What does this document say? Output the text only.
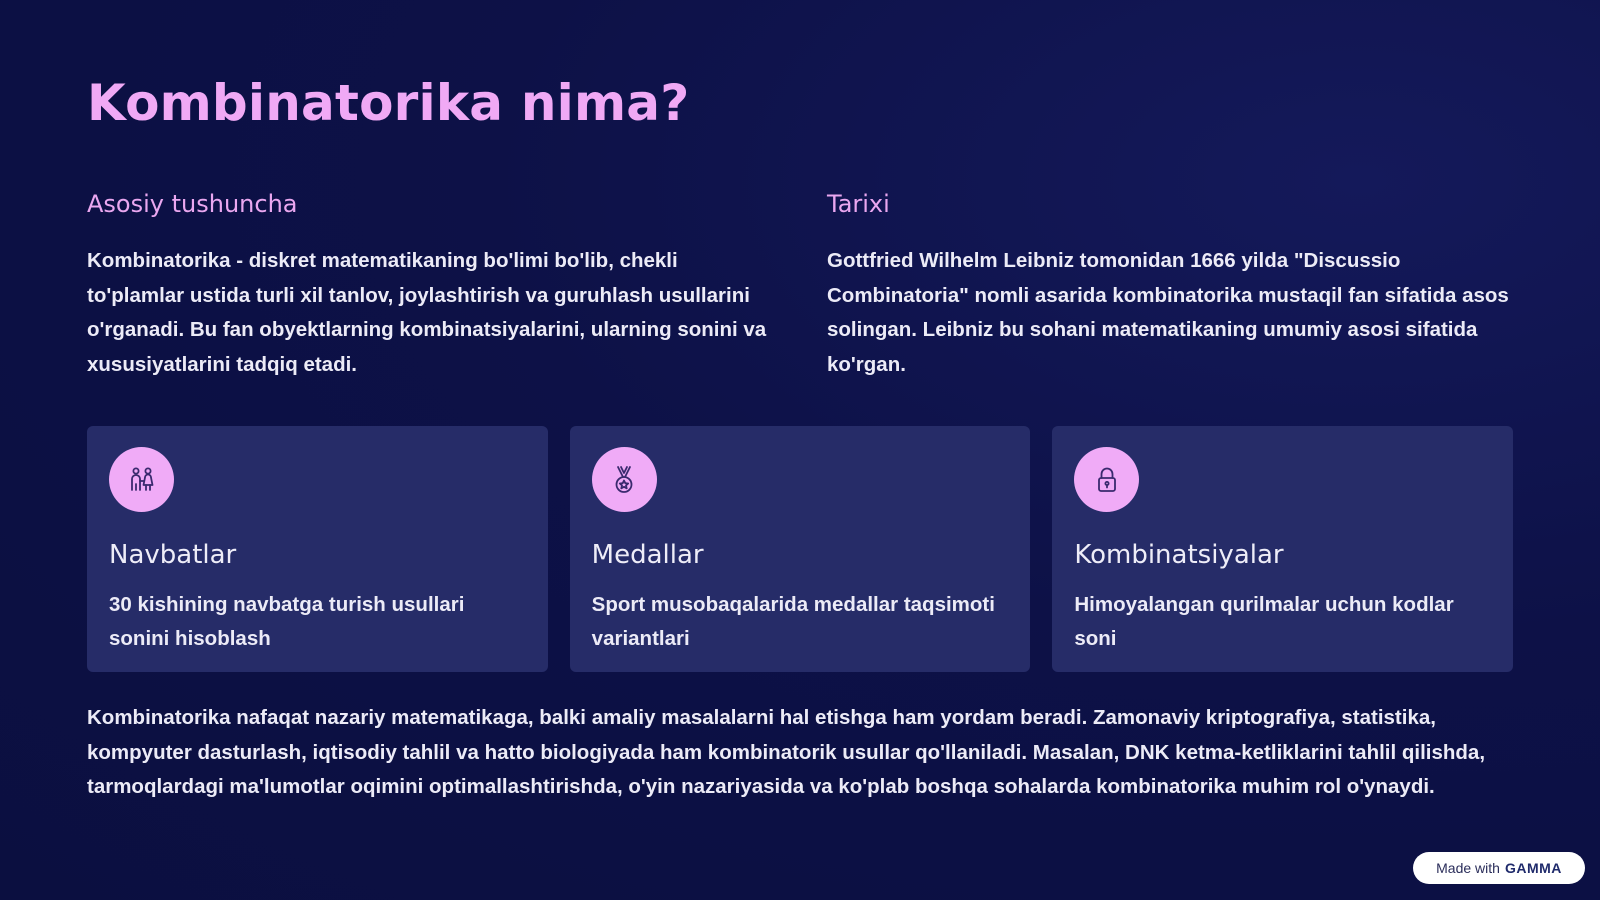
Kombinatorika nima?
Asosiy tushuncha

Kombinatorika - diskret matematikaning bo'limi bo'lib, chekli to'plamlar ustida turli xil tanlov, joylashtirish va guruhlash usullarini o'rganadi. Bu fan obyektlarning kombinatsiyalarini, ularning sonini va xususiyatlarini tadqiq etadi.

Tarixi

Gottfried Wilhelm Leibniz tomonidan 1666 yilda "Discussio Combinatoria" nomli asarida kombinatorika mustaqil fan sifatida asos solingan. Leibniz bu sohani matematikaning umumiy asosi sifatida ko'rgan.

Navbatlar

30 kishining navbatga turish usullari sonini hisoblash

Medallar

Sport musobaqalarida medallar taqsimoti variantlari

Kombinatsiyalar

Himoyalangan qurilmalar uchun kodlar soni

Kombinatorika nafaqat nazariy matematikaga, balki amaliy masalalarni hal etishga ham yordam beradi. Zamonaviy kriptografiya, statistika, kompyuter dasturlash, iqtisodiy tahlil va hatto biologiyada ham kombinatorik usullar qo'llaniladi. Masalan, DNK ketma-ketliklarini tahlil qilishda, tarmoqlardagi ma'lumotlar oqimini optimallashtirishda, o'yin nazariyasida va ko'plab boshqa sohalarda kombinatorika muhim rol o'ynaydi.

Made with GAMMA
